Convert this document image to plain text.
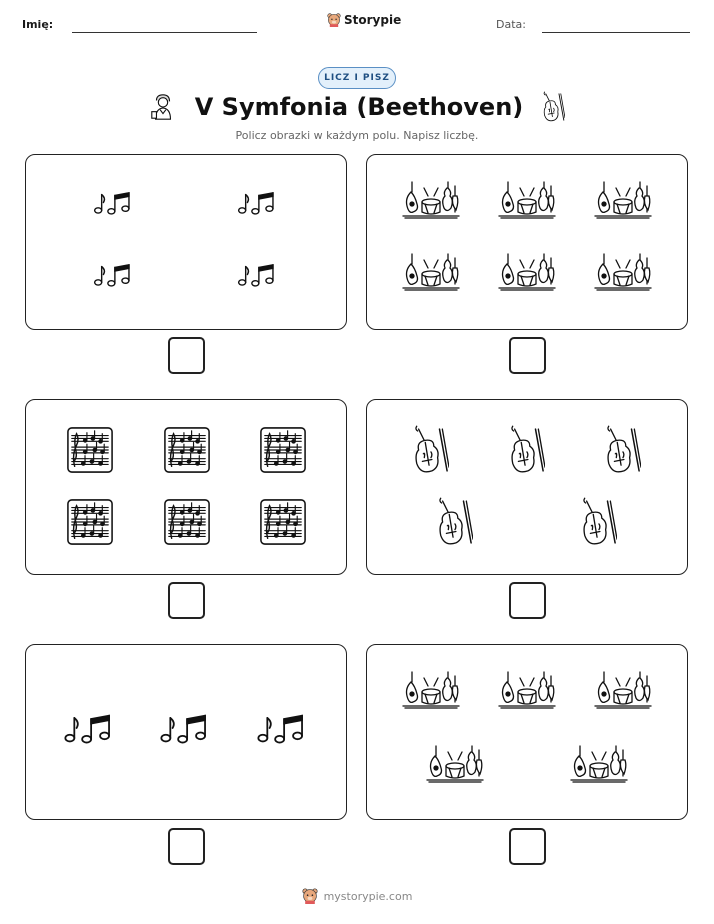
Imię:	Storypie	Data:
LICZ I PISZ
V Symfonia (Beethoven)
Policz obrazki w każdym polu. Napisz liczbę.
mystorypie.com
